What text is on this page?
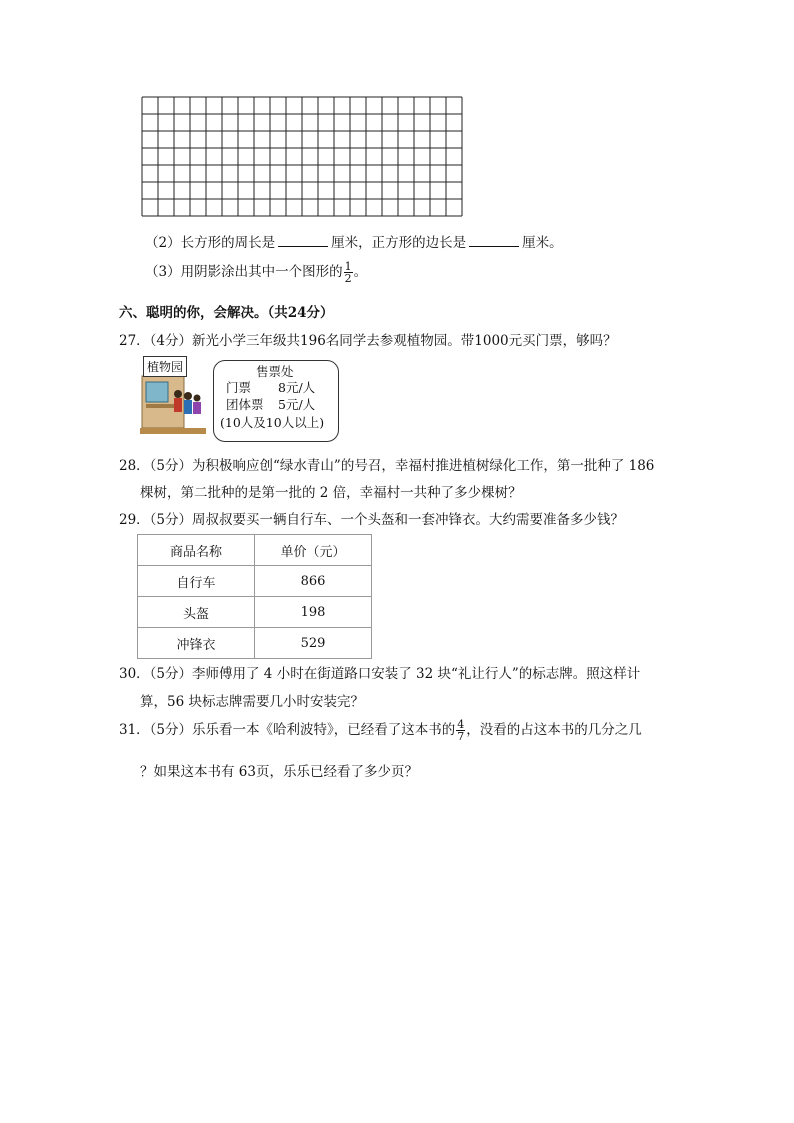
（2）长方形的周长是	厘米，正方形的边长是	厘米。
（3）用阴影涂出其中一个图形的 $\frac{1}{2}$ 。
六、聪明的你，会解决。（共24分）
27．（4分）新光小学三年级共196名同学去参观植物园。带1000元买门票，够吗？
植物园	售票处
门票 8元/人
团体票 5元/人
(10人及10人以上)
28．（5分）为积极响应创“绿水青山”的号召，幸福村推进植树绿化工作，第一批种了 186
棵树，第二批种的是第一批的 2 倍，幸福村一共种了多少棵树？
29．（5分）周叔叔要买一辆自行车、一个头盔和一套冲锋衣。大约需要准备多少钱？
商品名称	单价（元）
自行车	866
头盔	198
冲锋衣	529
30．（5分）李师傅用了 4 小时在街道路口安装了 32 块“礼让行人”的标志牌。照这样计
算，56 块标志牌需要几小时安装完？
31．（5分）乐乐看一本《哈利波特》，已经看了这本书的 $\frac{4}{7}$ ，没看的占这本书的几分之几
？如果这本书有 63页，乐乐已经看了多少页？
